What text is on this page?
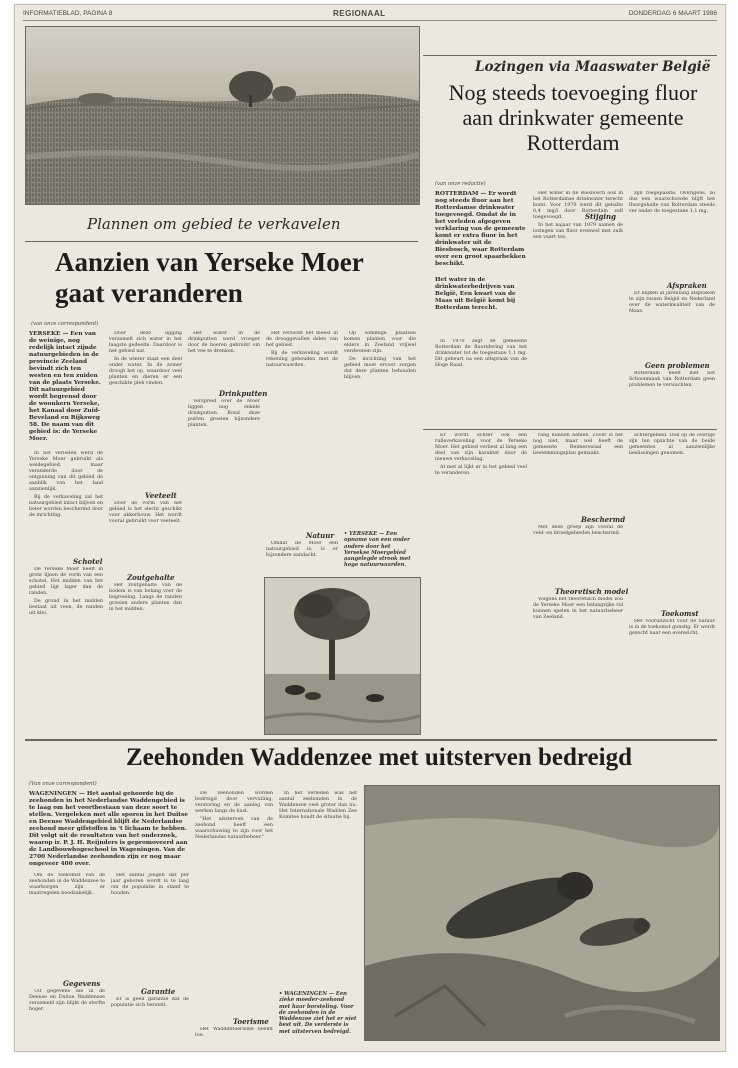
INFORMATIEBLAD, PAGINA 8	REGIONAAL	DONDERDAG 6 MAART 1986
Plannen om gebied te verkavelen
Aanzien van Yerseke Moer gaat veranderen
(van onze correspondent)
YERSEKE — Een van de weinige, nog redelijk intact zijnde natuurgebieden in de provincie Zeeland bevindt zich ten westen en ten zuiden van de plaats Yerseke. Dit natuurgebied wordt begrensd door de woonkern Yerseke, het Kanaal door Zuid-Beveland en Rijksweg 58. De naam van dit gebied is: de Yerseke Moer.

In het verleden werd de Yerseke Moer gebruikt als weidegebied, maar veranderde door de ontginning van dit gebied de aanblik van het land aanzienlijk.

Bij de verkaveling zal het natuurgebied intact blijven en beter worden beschermd door de inrichting.

Schotel

De Yerseke Moer heeft in grote lijnen de vorm van een schotel. Het midden van het gebied ligt lager dan de randen.

De grond in het midden bestaat uit veen, de randen uit klei.

Door deze ligging verzamelt zich water in het laagste gedeelte. Daardoor is het gebied nat.

In de winter staat een deel onder water. In de zomer droogt het op, waardoor veel planten en dieren er een geschikte plek vinden.

Veeteelt

Door de vorm van het gebied is het slecht geschikt voor akkerbouw. Het wordt vooral gebruikt voor veeteelt.

Zoutgehalte

Het zoutgehalte van de bodem is van belang voor de begroeiing. Langs de randen groeien andere planten dan in het midden.

Het water in de drinkputten werd vroeger door de boeren gebruikt om het vee te drenken.

Drinkputten

Verspreid over de Moer liggen nog enkele drinkputten. Rond deze putten groeien bijzondere planten.

Het vertoont het meest in de drooggevallen delen van het gebied.

Bij de verkaveling wordt rekening gehouden met de natuurwaarden.

Natuur

Omdat de Moer een natuurgebied is, is er bijzondere aandacht.

Op sommige plaatsen komen planten voor die elders in Zeeland vrijwel verdwenen zijn.

De inrichting van het gebied moet ervoor zorgen dat deze planten behouden blijven.

• YERSEKE — Een opname van een onder andere door het Yersekse Moergebied aangelegde strook met hoge natuurwaarden.
Lozingen via Maaswater België
Nog steeds toevoeging fluor aan drinkwater gemeente Rotterdam
(van onze redactie)
ROTTERDAM — Er wordt nog steeds fluor aan het Rotterdamse drinkwater toegevoegd. Omdat de in het verleden afgegeven verklaring van de gemeente komt er extra fluor in het drinkwater uit de Biesbosch, waar Rotterdam over een groot spaarbekken beschikt.
Het water in de drinkwaterbedrijven van België, Een kwart van de Maas uit België komt bij Rotterdam terecht.

In 1970 zegt de gemeente Rotterdam de fluoridering van het drinkwater tot de toegestane 1,1 mg. Dit gebeurt na een uitspraak van de Hoge Raad.

Het water in de Biesbosch ook in het Rotterdamse drinkwater terecht komt. Voor 1970 werd dit gehalte 0,4 mg/l door Rotterdam zelf toegevoegd.

In het najaar van 1979 namen de lozingen van fluor evenwel met zulk een vaart toe.

Stijging

zijn toegepasste. Overigens, zo dus een waarschuwde blijft het fluorgehalte van Rotterdam steeds ver onder de toegestane 1,1 mg.

Afspraken

Er blijken al jarenlang afspraken te zijn tussen België en Nederland over de waterkwaliteit van de Maas.

Geen problemen

Rotterdam heeft met het Schoonmaak van Rotterdam geen problemen te verwachten.

Er wordt echter ook een rulleverkaveling voor de Yerseke Moer. Het gebied verliest al lang een deel van zijn karakter door de nieuwe verkaveling.

Al met al lijkt er in het gebied veel te veranderen.

rang kunnen nemen. Zover is het nog niet, maar wel heeft de gemeente Reimerswaal een bestemmingsplan gemaakt.

Beschermd

Met deze groep zijn vooral de veld- en broedgebieden beschermd.

Theoretisch model

Volgens het theoretisch model zou de Yerseke Moer een belangrijke rol kunnen spelen in het natuurbeheer van Zeeland.

achtergebied. Ook op de overige zijn ten opzichte van de beide gemeentes al aanzienlijke beslissingen genomen.

Toekomst

Het vooruitzicht voor de natuur is in de toekomst gunstig. Er wordt gezocht naar een evenwicht.

Zeehonden Waddenzee met uitsterven bedreigd
(Van onze correspondent)
WAGENINGEN — Het aantal gehoorde bij de zeehonden in het Nederlandse Waddengebied is te laag om het voortbestaan van deze soort te stellen. Vergeleken met alle sporen in het Duitse en Deense Waddengebied blijft de Nederlandse zeehond meer gifstoffen in 't lichaam te hebben. Dit volgt uit de resultaten van het onderzoek, waarop ir. P. J. H. Reijnders is gepromoveerd aan de Landbouwhogeschool in Wageningen. Van de 2700 Nederlandse zeehonden zijn er nog maar ongeveer 400 over.

Om de toekomst van de zeehonden in de Waddenzee te waarborgen zijn er maatregelen noodzakelijk.

Gegevens

Uit gegevens die in de Deense en Duitse Waddenzee verzameld zijn blijkt de sterfte hoger.

Het aantal jongen dat per jaar geboren wordt is te laag om de populatie in stand te houden.

Garantie

Er is geen garantie dat de populatie zich herstelt.

De zeehonden worden bedreigd door vervuiling, verstoring en de aanleg van werken langs de kust.

"Het uitsterven van de zeehond heeft een waarschuwing te zijn voor het Nederlandse natuurbeheer."

Toerisme

Het Waddentoerisme neemt toe.

In het verleden was het aantal zeehonden in de Waddenzee veel groter dan nu. Het Internationale Wadden Zee Komitee houdt de situatie bij.

• WAGENINGEN — Een zieke moeder-zeehond met haar borsteling. Voor de zeehonden in de Waddenzee ziet het er niet best uit. De verderste is met uitsterven bedreigd.
